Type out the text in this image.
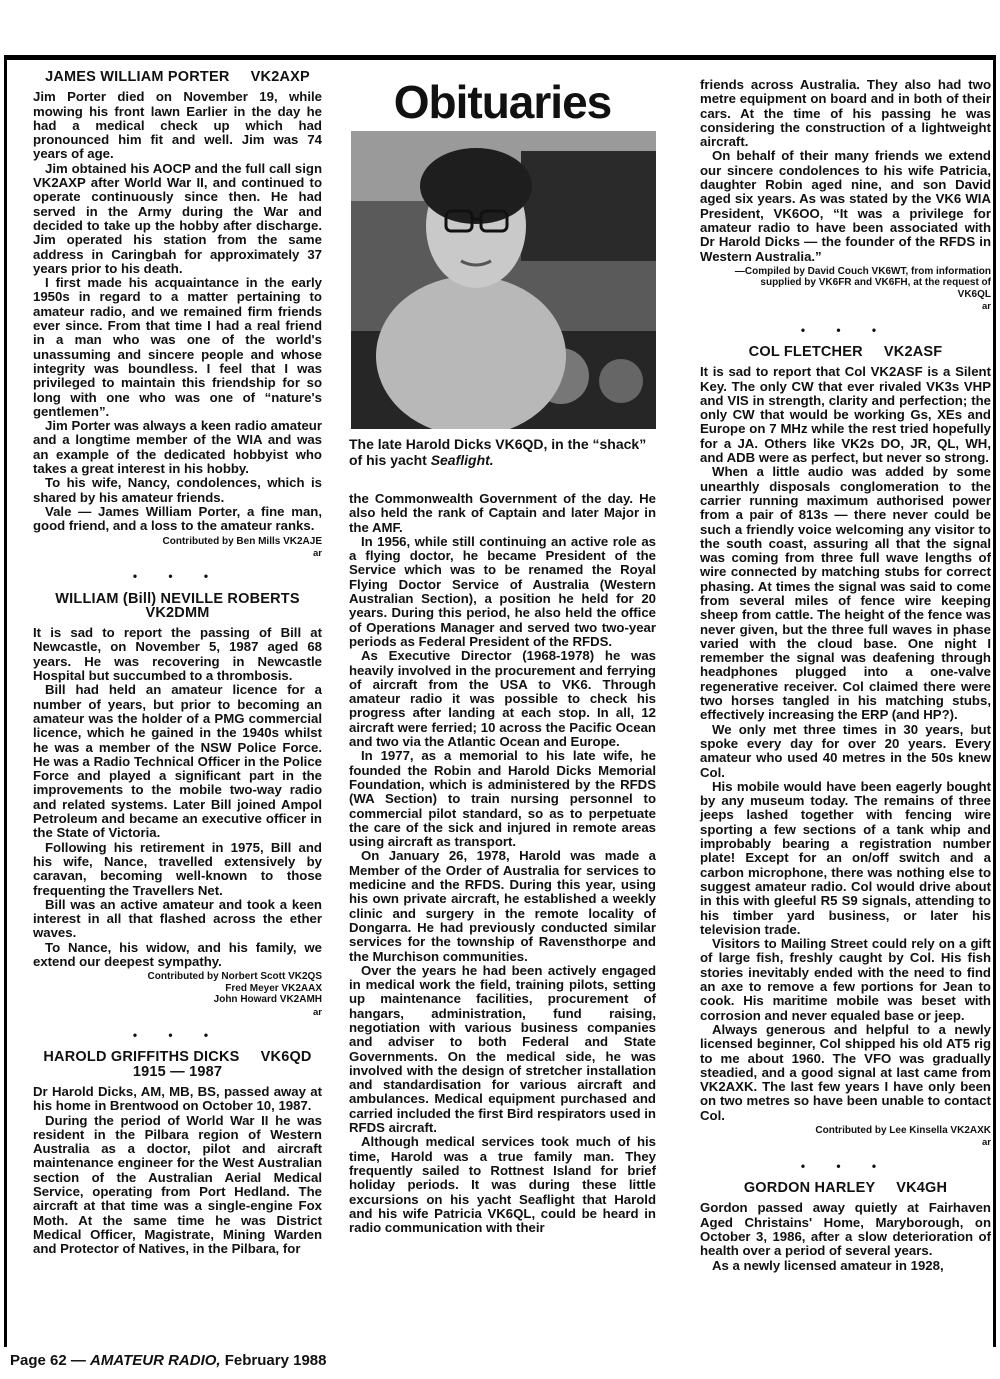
JAMES WILLIAM PORTER     VK2AXP

Jim Porter died on November 19, while mowing his front lawn Earlier in the day he had a medical check up which had pronounced him fit and well. Jim was 74 years of age.

Jim obtained his AOCP and the full call sign VK2AXP after World War II, and continued to operate continuously since then. He had served in the Army during the War and decided to take up the hobby after discharge. Jim operated his station from the same address in Caringbah for approximately 37 years prior to his death.

I first made his acquaintance in the early 1950s in regard to a matter pertaining to amateur radio, and we remained firm friends ever since. From that time I had a real friend in a man who was one of the world's unassuming and sincere people and whose integrity was boundless. I feel that I was privileged to maintain this friendship for so long with one who was one of “nature's gentlemen”.

Jim Porter was always a keen radio amateur and a longtime member of the WIA and was an example of the dedicated hobbyist who takes a great interest in his hobby.

To his wife, Nancy, condolences, which is shared by his amateur friends.

Vale — James William Porter, a fine man, good friend, and a loss to the amateur ranks.

Contributed by Ben Mills VK2AJE
ar
• • •
WILLIAM (Bill) NEVILLE ROBERTS
VK2DMM

It is sad to report the passing of Bill at Newcastle, on November 5, 1987 aged 68 years. He was recovering in Newcastle Hospital but succumbed to a thrombosis.

Bill had held an amateur licence for a number of years, but prior to becoming an amateur was the holder of a PMG commercial licence, which he gained in the 1940s whilst he was a member of the NSW Police Force. He was a Radio Technical Officer in the Police Force and played a significant part in the improvements to the mobile two-way radio and related systems. Later Bill joined Ampol Petroleum and became an executive officer in the State of Victoria.

Following his retirement in 1975, Bill and his wife, Nance, travelled extensively by caravan, becoming well-known to those frequenting the Travellers Net.

Bill was an active amateur and took a keen interest in all that flashed across the ether waves.

To Nance, his widow, and his family, we extend our deepest sympathy.

Contributed by Norbert Scott VK2QS
Fred Meyer VK2AAX
John Howard VK2AMH
ar
• • •
HAROLD GRIFFITHS DICKS     VK6QD
1915 — 1987

Dr Harold Dicks, AM, MB, BS, passed away at his home in Brentwood on October 10, 1987.

During the period of World War II he was resident in the Pilbara region of Western Australia as a doctor, pilot and aircraft maintenance engineer for the West Australian section of the Australian Aerial Medical Service, operating from Port Hedland. The aircraft at that time was a single-engine Fox Moth. At the same time he was District Medical Officer, Magistrate, Mining Warden and Protector of Natives, in the Pilbara, for

Obituaries
The late Harold Dicks VK6QD, in the “shack” of his yacht Seaflight.

the Commonwealth Government of the day. He also held the rank of Captain and later Major in the AMF.

In 1956, while still continuing an active role as a flying doctor, he became President of the Service which was to be renamed the Royal Flying Doctor Service of Australia (Western Australian Section), a position he held for 20 years. During this period, he also held the office of Operations Manager and served two two-year periods as Federal President of the RFDS.

As Executive Director (1968-1978) he was heavily involved in the procurement and ferrying of aircraft from the USA to VK6. Through amateur radio it was possible to check his progress after landing at each stop. In all, 12 aircraft were ferried; 10 across the Pacific Ocean and two via the Atlantic Ocean and Europe.

In 1977, as a memorial to his late wife, he founded the Robin and Harold Dicks Memorial Foundation, which is administered by the RFDS (WA Section) to train nursing personnel to commercial pilot standard, so as to perpetuate the care of the sick and injured in remote areas using aircraft as transport.

On January 26, 1978, Harold was made a Member of the Order of Australia for services to medicine and the RFDS. During this year, using his own private aircraft, he established a weekly clinic and surgery in the remote locality of Dongarra. He had previously conducted similar services for the township of Ravensthorpe and the Murchison communities.

Over the years he had been actively engaged in medical work the field, training pilots, setting up maintenance facilities, procurement of hangars, administration, fund raising, negotiation with various business companies and adviser to both Federal and State Governments. On the medical side, he was involved with the design of stretcher installation and standardisation for various aircraft and ambulances. Medical equipment purchased and carried included the first Bird respirators used in RFDS aircraft.

Although medical services took much of his time, Harold was a true family man. They frequently sailed to Rottnest Island for brief holiday periods. It was during these little excursions on his yacht Seaflight that Harold and his wife Patricia VK6QL, could be heard in radio communication with their

friends across Australia. They also had two metre equipment on board and in both of their cars. At the time of his passing he was considering the construction of a lightweight aircraft.

On behalf of their many friends we extend our sincere condolences to his wife Patricia, daughter Robin aged nine, and son David aged six years. As was stated by the VK6 WIA President, VK6OO, “It was a privilege for amateur radio to have been associated with Dr Harold Dicks — the founder of the RFDS in Western Australia.”

—Compiled by David Couch VK6WT, from information
supplied by VK6FR and VK6FH, at the request of
VK6QL
ar
• • •
COL FLETCHER     VK2ASF

It is sad to report that Col VK2ASF is a Silent Key. The only CW that ever rivaled VK3s VHP and VIS in strength, clarity and perfection; the only CW that would be working Gs, XEs and Europe on 7 MHz while the rest tried hopefully for a JA. Others like VK2s DO, JR, QL, WH, and ADB were as perfect, but never so strong.

When a little audio was added by some unearthly disposals conglomeration to the carrier running maximum authorised power from a pair of 813s — there never could be such a friendly voice welcoming any visitor to the south coast, assuring all that the signal was coming from three full wave lengths of wire connected by matching stubs for correct phasing. At times the signal was said to come from several miles of fence wire keeping sheep from cattle. The height of the fence was never given, but the three full waves in phase varied with the cloud base. One night I remember the signal was deafening through headphones plugged into a one-valve regenerative receiver. Col claimed there were two horses tangled in his matching stubs, effectively increasing the ERP (and HP?).

We only met three times in 30 years, but spoke every day for over 20 years. Every amateur who used 40 metres in the 50s knew Col.

His mobile would have been eagerly bought by any museum today. The remains of three jeeps lashed together with fencing wire sporting a few sections of a tank whip and improbably bearing a registration number plate! Except for an on/off switch and a carbon microphone, there was nothing else to suggest amateur radio. Col would drive about in this with gleeful R5 S9 signals, attending to his timber yard business, or later his television trade.

Visitors to Mailing Street could rely on a gift of large fish, freshly caught by Col. His fish stories inevitably ended with the need to find an axe to remove a few portions for Jean to cook. His maritime mobile was beset with corrosion and never equaled base or jeep.

Always generous and helpful to a newly licensed beginner, Col shipped his old AT5 rig to me about 1960. The VFO was gradually steadied, and a good signal at last came from VK2AXK. The last few years I have only been on two metres so have been unable to contact Col.

Contributed by Lee Kinsella VK2AXK
ar
• • •
GORDON HARLEY     VK4GH

Gordon passed away quietly at Fairhaven Aged Christains' Home, Maryborough, on October 3, 1986, after a slow deterioration of health over a period of several years.

As a newly licensed amateur in 1928,

Page 62 — AMATEUR RADIO, February 1988
